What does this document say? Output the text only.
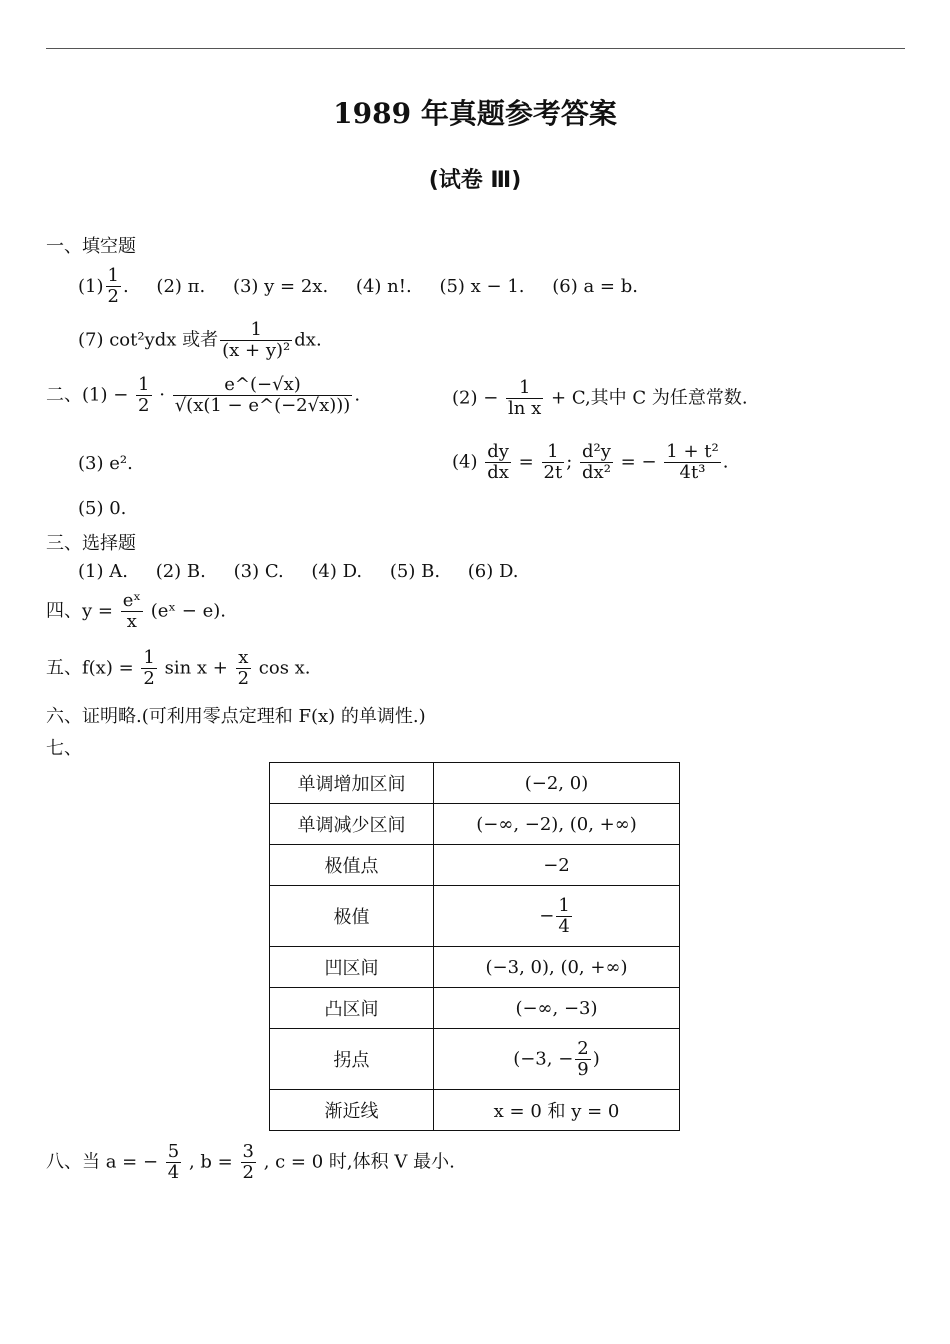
1989 年真题参考答案
(试卷 Ⅲ)
一、填空题
$(1) \frac{1}{2}$ . (2) π. (3) y = 2x. (4) n!. (5) x − 1. (6) a = b.
(7) cot²ydx 或者 $\frac{1}{\text{(x + y)²}}$ dx.
二、$(1) - \frac{1}{2} \cdot \frac{e\^{}(-√x)}{√(x(1 - e\^{}(-2√x)))}$ .	$(2) - \frac{1}{\text{ln x}} + C$,其中 C 为任意常数.
(3) e².	$(4) \frac{dy}{dx} = \frac{1}{2t}$ ; $\frac{\text{d²y}}{\text{dx²}}$ = − $\frac{\text{1 + t²}}{\text{4t³}}$ .
(5) 0.
三、选择题
(1) A. (2) B. (3) C. (4) D. (5) B. (6) D.
四、$y = \frac{\text{eˣ}}{x}$ (eˣ − e).
五、$f(x) = \frac{1}{2}$ $\sin x + \frac{x}{2}$ cos x.
六、证明略.(可利用零点定理和 F(x) 的单调性.)
七、
单调增加区间	(−2, 0)
单调减少区间	(−∞, −2), (0, +∞)
极值点	−2
极值	− $\frac{1}{4}$

凹区间	(−3, 0), (0, +∞)
凸区间	(−∞, −3)
拐点	(−3, − $\frac{2}{9}$ )
渐近线	x = 0 和 y = 0
八、当 a = − $\frac{5}{4}$ , $b = \frac{3}{2}$ , c = 0 时,体积 V 最小.
